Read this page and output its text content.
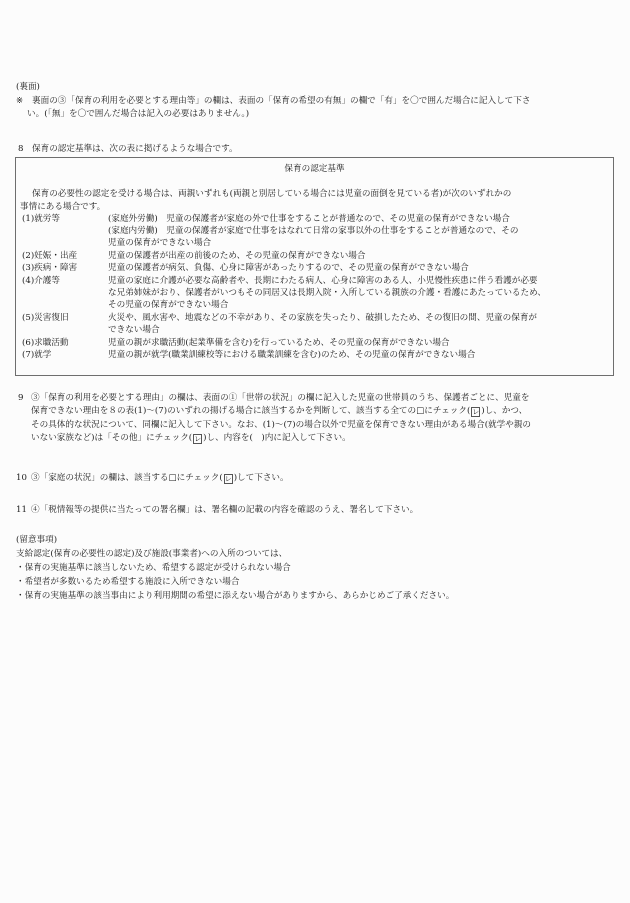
(裏面)
※ 裏面の③「保育の利用を必要とする理由等」の欄は、表面の「保育の希望の有無」の欄で「有」を〇で囲んだ場合に記入して下さ
い。(「無」を〇で囲んだ場合は記入の必要はありません。)
8 保育の認定基準は、次の表に掲げるような場合です。
保育の認定基準
保育の必要性の認定を受ける場合は、両親いずれも(両親と別居している場合には児童の面倒を見ている者)が次のいずれかの
事情にある場合です。
(1)就労等	(家庭外労働)　児童の保護者が家庭の外で仕事をすることが普通なので、その児童の保育ができない場合
(家庭内労働)　児童の保護者が家庭で仕事をはなれて日常の家事以外の仕事をすることが普通なので、その
児童の保育ができない場合
(2)妊娠・出産	児童の保護者が出産の前後のため、その児童の保育ができない場合
(3)疾病・障害	児童の保護者が病気、負傷、心身に障害があったりするので、その児童の保育ができない場合
(4)介護等	児童の家庭に介護が必要な高齢者や、長期にわたる病人、心身に障害のある人、小児慢性疾患に伴う看護が必要
な兄弟姉妹がおり、保護者がいつもその同居又は長期入院・入所している親族の介護・看護にあたっているため、
その児童の保育ができない場合
(5)災害復旧	火災や、風水害や、地震などの不幸があり、その家族を失ったり、破損したため、その復旧の間、児童の保育が
できない場合
(6)求職活動	児童の親が求職活動(起業準備を含む)を行っているため、その児童の保育ができない場合
(7)就学	児童の親が就学(職業訓練校等における職業訓練を含む)のため、その児童の保育ができない場合
9 ③「保育の利用を必要とする理由」の欄は、表面の①「世帯の状況」の欄に記入した児童の世帯員のうち、保護者ごとに、児童を
保育できない理由を８の表(1)～(7)のいずれの揚げる場合に該当するかを判断して、該当する全ての□にチェック( レ )し、かつ、
その具体的な状況について、同欄に記入して下さい。なお、(1)～(7)の場合以外で児童を保育できない理由がある場合(就学や親の
いない家族など)は「その他」にチェック( レ )し、内容を(　)内に記入して下さい。
10 ③「家庭の状況」の欄は、該当する□にチェック( レ )して下さい。
11 ④「税情報等の提供に当たっての署名欄」は、署名欄の記載の内容を確認のうえ、署名して下さい。
(留意事項)
支給認定(保育の必要性の認定)及び施設(事業者)への入所のついては、
・保育の実施基準に該当しないため、希望する認定が受けられない場合
・希望者が多数いるため希望する施設に入所できない場合
・保育の実施基準の該当事由により利用期間の希望に添えない場合がありますから、あらかじめご了承ください。
